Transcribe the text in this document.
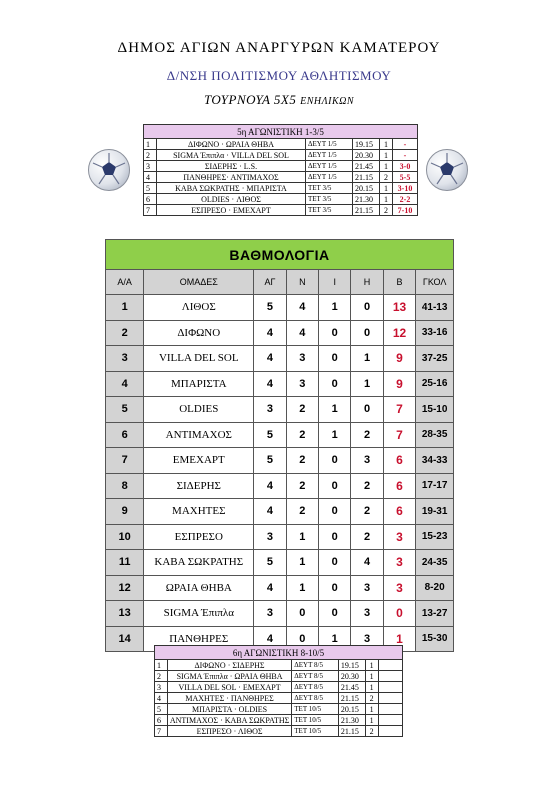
ΔΗΜΟΣ ΑΓΙΩΝ ΑΝΑΡΓΥΡΩΝ ΚΑΜΑΤΕΡΟΥ
Δ/ΝΣΗ ΠΟΛΙΤΙΣΜΟΥ ΑΘΛΗΤΙΣΜΟΥ
ΤΟΥΡΝΟΥΑ 5Χ5 ΕΝΗΛΙΚΩΝ
5η ΑΓΩΝΙΣΤΙΚΗ 1-3/5					
1	ΔΙΦΩΝΟ · ΩΡΑΙΑ ΘΗΒΑ	ΔΕΥΤ 1/5	19.15	1	-
2	SIGMA Έπιπλα · VILLA DEL SOL	ΔΕΥΤ 1/5	20.30	1	-
3	ΣΙΔΕΡΗΣ · L.S.	ΔΕΥΤ 1/5	21.45	1	3-0
4	ΠΑΝΘΗΡΕΣ· ΑΝΤΙΜΑΧΟΣ	ΔΕΥΤ 1/5	21.15	2	5-5
5	ΚΑΒΑ ΣΩΚΡΑΤΗΣ · ΜΠΑΡΙΣΤΑ	ΤΕΤ 3/5	20.15	1	3-10
6	OLDIES · ΛΙΘΟΣ	ΤΕΤ 3/5	21.30	1	2-2
7	ΕΣΠΡΕΣΟ · ΕΜΕΧΑΡΤ	ΤΕΤ 3/5	21.15	2	7-10
ΒΑΘΜΟΛΟΓΙΑ							
Α/Α	ΟΜΑΔΕΣ	ΑΓ	Ν	Ι	Η	Β	ΓΚΟΛ
1	ΛΙΘΟΣ	5	4	1	0	13	41-13
2	ΔΙΦΩΝΟ	4	4	0	0	12	33-16
3	VILLA DEL SOL	4	3	0	1	9	37-25
4	ΜΠΑΡΙΣΤΑ	4	3	0	1	9	25-16
5	OLDIES	3	2	1	0	7	15-10
6	ΑΝΤΙΜΑΧΟΣ	5	2	1	2	7	28-35
7	ΕΜΕΧΑΡΤ	5	2	0	3	6	34-33
8	ΣΙΔΕΡΗΣ	4	2	0	2	6	17-17
9	ΜΑΧΗΤΕΣ	4	2	0	2	6	19-31
10	ΕΣΠΡΕΣΟ	3	1	0	2	3	15-23
11	ΚΑΒΑ ΣΩΚΡΑΤΗΣ	5	1	0	4	3	24-35
12	ΩΡΑΙΑ ΘΗΒΑ	4	1	0	3	3	8-20
13	SIGMA Έπιπλα	3	0	0	3	0	13-27
14	ΠΑΝΘΗΡΕΣ	4	0	1	3	1	15-30
6η ΑΓΩΝΙΣΤΙΚΗ 8-10/5					
1	ΔΙΦΩΝΟ · ΣΙΔΕΡΗΣ	ΔΕΥΤ 8/5	19.15	1	
2	SIGMA Έπιπλα · ΩΡΑΙΑ ΘΗΒΑ	ΔΕΥΤ 8/5	20.30	1	
3	VILLA DEL SOL · ΕΜΕΧΑΡΤ	ΔΕΥΤ 8/5	21.45	1	
4	ΜΑΧΗΤΕΣ · ΠΑΝΘΗΡΕΣ	ΔΕΥΤ 8/5	21.15	2	
5	ΜΠΑΡΙΣΤΑ · OLDIES	ΤΕΤ 10/5	20.15	1	
6	ΑΝΤΙΜΑΧΟΣ · ΚΑΒΑ ΣΩΚΡΑΤΗΣ	ΤΕΤ 10/5	21.30	1	
7	ΕΣΠΡΕΣΟ · ΛΙΘΟΣ	ΤΕΤ 10/5	21.15	2	
